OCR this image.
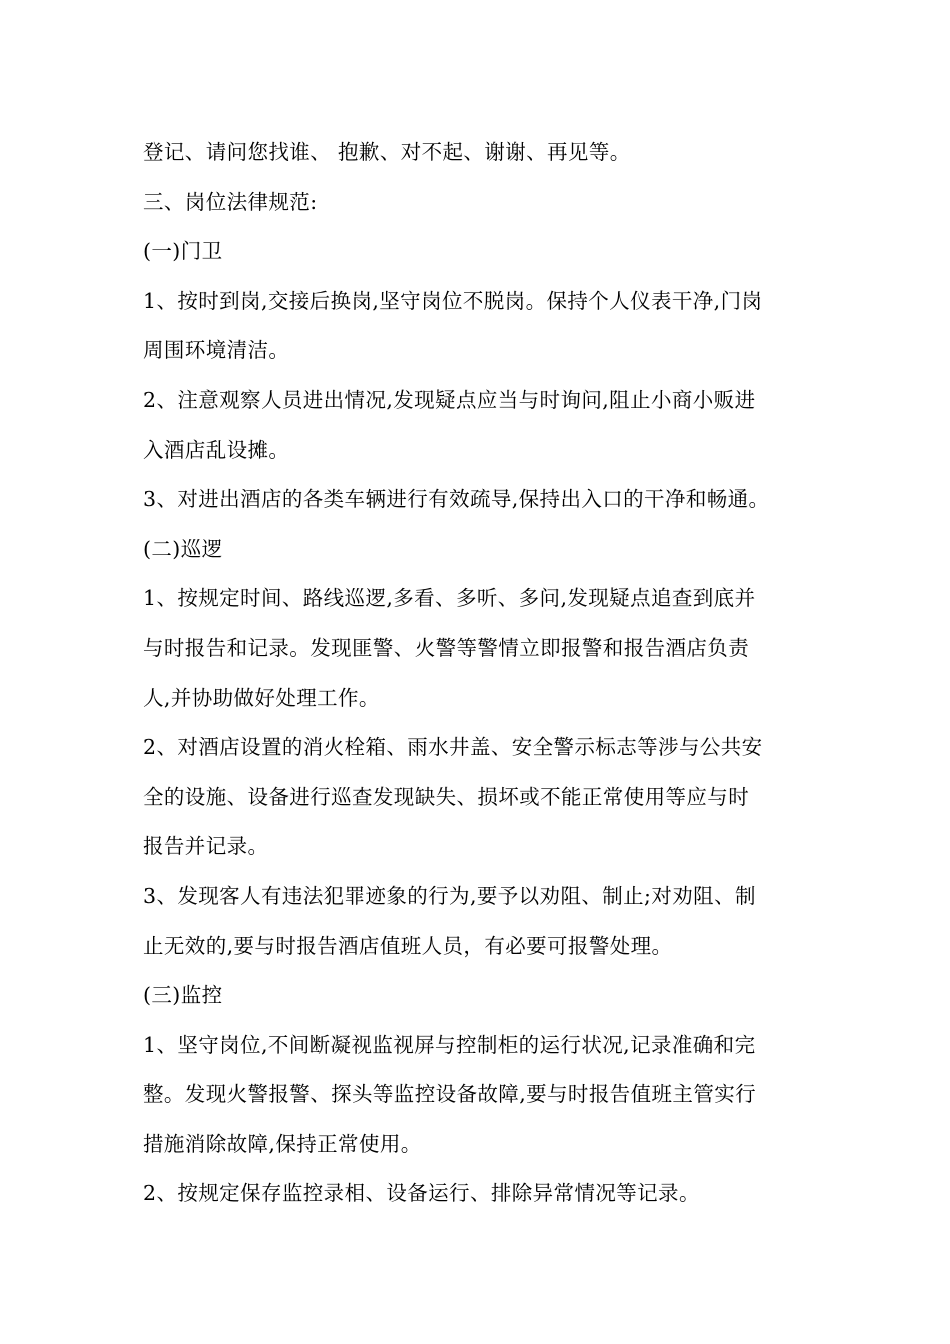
登记、请问您找谁、 抱歉、对不起、谢谢、再见等。
三、岗位法律规范:
(一)门卫
1、按时到岗,交接后换岗,坚守岗位不脱岗。保持个人仪表干净,门岗
周围环境清洁。
2、注意观察人员进出情况,发现疑点应当与时询问,阻止小商小贩进
入酒店乱设摊。
3、对进出酒店的各类车辆进行有效疏导,保持出入口的干净和畅通。
(二)巡逻
1、按规定时间、路线巡逻,多看、多听、多问,发现疑点追查到底并
与时报告和记录。发现匪警、火警等警情立即报警和报告酒店负责
人,并协助做好处理工作。
2、对酒店设置的消火栓箱、雨水井盖、安全警示标志等涉与公共安
全的设施、设备进行巡查发现缺失、损坏或不能正常使用等应与时
报告并记录。
3、发现客人有违法犯罪迹象的行为,要予以劝阻、制止;对劝阻、制
止无效的,要与时报告酒店值班人员，有必要可报警处理。
(三)监控
1、坚守岗位,不间断凝视监视屏与控制柜的运行状况,记录准确和完
整。发现火警报警、探头等监控设备故障,要与时报告值班主管实行
措施消除故障,保持正常使用。
2、按规定保存监控录相、设备运行、排除异常情况等记录。
